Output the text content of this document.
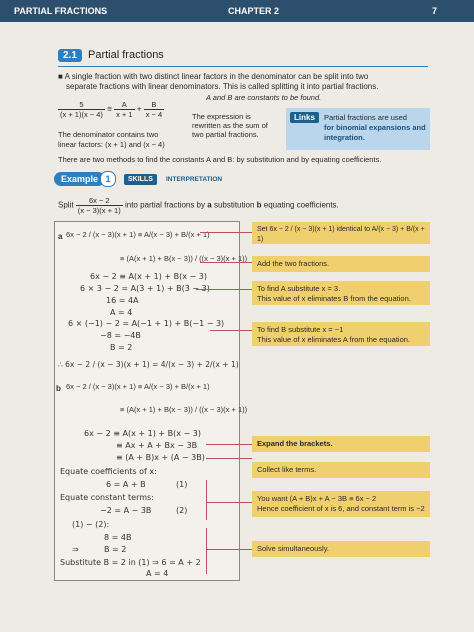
PARTIAL FRACTIONS	CHAPTER 2	7
2.1	Partial fractions
■ A single fraction with two distinct linear factors in the denominator can be split into two
separate fractions with linear denominators. This is called splitting it into partial fractions.
A and B are constants to be found.
$\frac{5}{(x + 1)(x - 4)} \equiv \frac{A}{x + 1} + \frac{B}{x - 4}$	The expression is
rewritten as the sum of
two partial fractions.
The denominator contains two
linear factors: (x + 1) and (x − 4)
Links	Partial fractions are used
for binomial expansions and
integration.
There are two methods to find the constants A and B: by substitution and by equating coefficients.
Example 1	SKILLS	INTERPRETATION
Split $\frac{6x - 2}{(x - 3)(x + 1)}$ into partial fractions by a substitution b equating coefficients.
a 6x − 2 / (x − 3)(x + 1) ≡ A/(x − 3) + B/(x + 1)
≡ (A(x + 1) + B(x − 3)) / ((x − 3)(x + 1))
6x − 2 ≡ A(x + 1) + B(x − 3)
6 × 3 − 2 = A(3 + 1) + B(3 − 3)
16 = 4A
A = 4
6 × (−1) − 2 = A(−1 + 1) + B(−1 − 3)
−8 = −4B
B = 2
∴ 6x − 2 / (x − 3)(x + 1) = 4/(x − 3) + 2/(x + 1)
b 6x − 2 / (x − 3)(x + 1) ≡ A/(x − 3) + B/(x + 1)
≡ (A(x + 1) + B(x − 3)) / ((x − 3)(x + 1))
6x − 2 ≡ A(x + 1) + B(x − 3)
≡ Ax + A + Bx − 3B
≡ (A + B)x + (A − 3B)
Equate coefficients of x:
6 = A + B	(1)
Equate constant terms:
−2 = A − 3B	(2)
(1) − (2):
8 = 4B
⇒	B = 2
Substitute B = 2 in (1) ⇒ 6 = A + 2
A = 4
Set 6x − 2 / (x − 3)(x + 1) identical to A/(x − 3) + B/(x + 1)
Add the two fractions.
To find A substitute x = 3.
This value of x eliminates B from the equation.
To find B substitute x = −1
This value of x eliminates A from the equation.
Expand the brackets.
Collect like terms.
You want (A + B)x + A − 3B ≡ 6x − 2
Hence coefficient of x is 6, and constant term is −2
Solve simultaneously.
